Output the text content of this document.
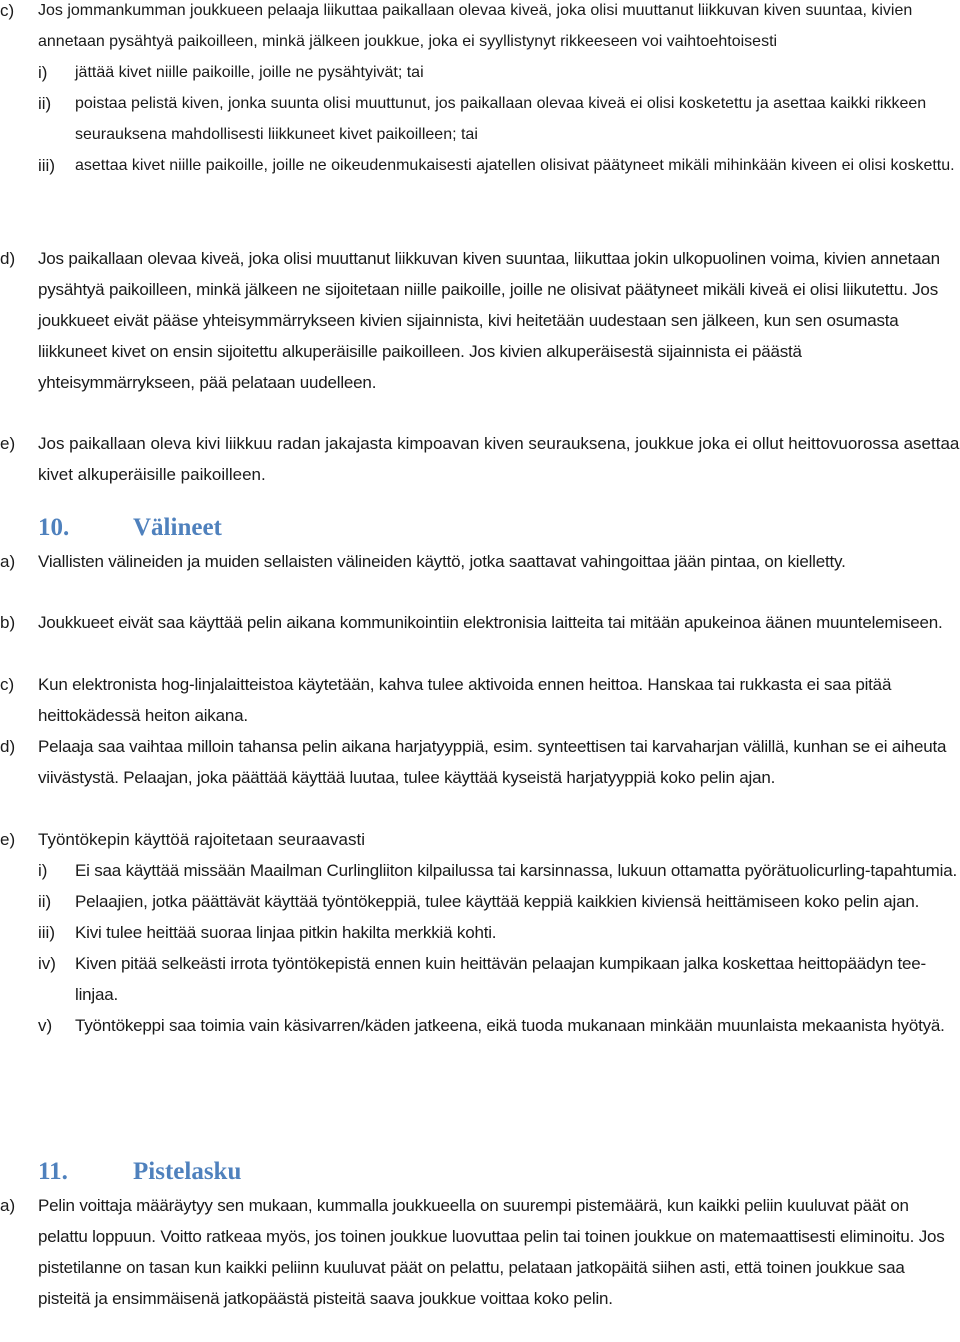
c) Jos jommankumman joukkueen pelaaja liikuttaa paikallaan olevaa kiveä, joka olisi muuttanut liikkuvan kiven suuntaa, kivien annetaan pysähtyä paikoilleen, minkä jälkeen joukkue, joka ei syyllistynyt rikkeeseen voi vaihtoehtoisesti
i) jättää kivet niille paikoille, joille ne pysähtyivät; tai
ii) poistaa pelistä kiven, jonka suunta olisi muuttunut, jos paikallaan olevaa kiveä ei olisi kosketettu ja asettaa kaikki rikkeen seurauksena mahdollisesti liikkuneet kivet paikoilleen; tai
iii) asettaa kivet niille paikoille, joille ne oikeudenmukaisesti ajatellen olisivat päätyneet mikäli mihinkään kiveen ei olisi koskettu.
d) Jos paikallaan olevaa kiveä, joka olisi muuttanut liikkuvan kiven suuntaa, liikuttaa jokin ulkopuolinen voima, kivien annetaan pysähtyä paikoilleen, minkä jälkeen ne sijoitetaan niille paikoille, joille ne olisivat päätyneet mikäli kiveä ei olisi liikutettu. Jos joukkueet eivät pääse yhteisymmärrykseen kivien sijainnista, kivi heitetään uudestaan sen jälkeen, kun sen osumasta liikkuneet kivet on ensin sijoitettu alkuperäisille paikoilleen. Jos kivien alkuperäisestä sijainnista ei päästä yhteisymmärrykseen, pää pelataan uudelleen.
e) Jos paikallaan oleva kivi liikkuu radan jakajasta kimpoavan kiven seurauksena, joukkue joka ei ollut heittovuorossa asettaa kivet alkuperäisille paikoilleen.
10.	Välineet
a) Viallisten välineiden ja muiden sellaisten välineiden käyttö, jotka saattavat vahingoittaa jään pintaa, on kielletty.
b) Joukkueet eivät saa käyttää pelin aikana kommunikointiin elektronisia laitteita tai mitään apukeinoa äänen muuntelemiseen.
c) Kun elektronista hog-linjalaitteistoa käytetään, kahva tulee aktivoida ennen heittoa. Hanskaa tai rukkasta ei saa pitää heittokädessä heiton aikana.
d) Pelaaja saa vaihtaa milloin tahansa pelin aikana harjatyyppiä, esim. synteettisen tai karvaharjan välillä, kunhan se ei aiheuta viivästystä. Pelaajan, joka päättää käyttää luutaa, tulee käyttää kyseistä harjatyyppiä koko pelin ajan.
e) Työntökepin käyttöä rajoitetaan seuraavasti
i) Ei saa käyttää missään Maailman Curlingliiton kilpailussa tai karsinnassa, lukuun ottamatta pyörätuolicurling-tapahtumia.
ii) Pelaajien, jotka päättävät käyttää työntökeppiä, tulee käyttää keppiä kaikkien kiviensä heittämiseen koko pelin ajan.
iii) Kivi tulee heittää suoraa linjaa pitkin hakilta merkkiä kohti.
iv) Kiven pitää selkeästi irrota työntökepistä ennen kuin heittävän pelaajan kumpikaan jalka koskettaa heittopäädyn tee-linjaa.
v) Työntökeppi saa toimia vain käsivarren/käden jatkeena, eikä tuoda mukanaan minkään muunlaista mekaanista hyötyä.
11.	Pistelasku
a) Pelin voittaja määräytyy sen mukaan, kummalla joukkueella on suurempi pistemäärä, kun kaikki peliin kuuluvat päät on pelattu loppuun. Voitto ratkeaa myös, jos toinen joukkue luovuttaa pelin tai toinen joukkue on matemaattisesti eliminoitu. Jos pistetilanne on tasan kun kaikki peliinn kuuluvat päät on pelattu, pelataan jatkopäitä siihen asti, että toinen joukkue saa pisteitä ja ensimmäisenä jatkopäästä pisteitä saava joukkue voittaa koko pelin.
